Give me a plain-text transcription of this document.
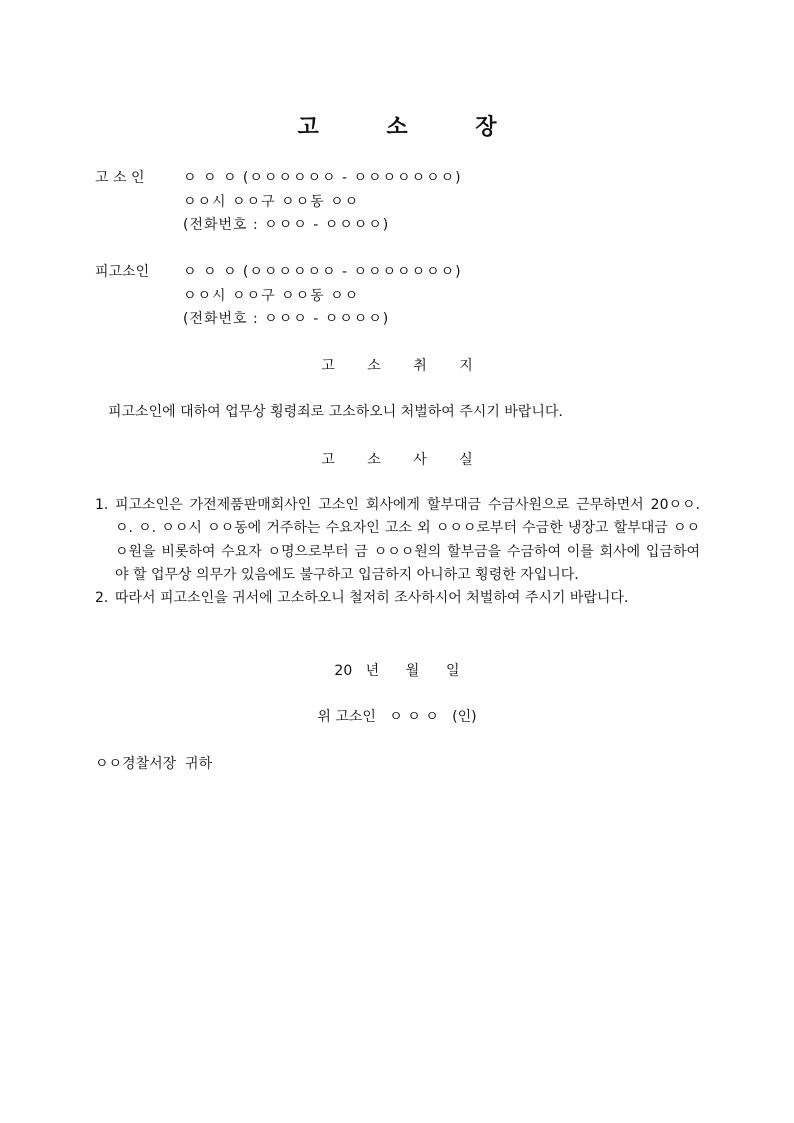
고 소 장
고 소 인	ㅇ ㅇ ㅇ (ㅇㅇㅇㅇㅇㅇ - ㅇㅇㅇㅇㅇㅇㅇ)
ㅇㅇ시 ㅇㅇ구 ㅇㅇ동 ㅇㅇ
(전화번호 : ㅇㅇㅇ - ㅇㅇㅇㅇ)
피고소인 ㅇ ㅇ ㅇ (ㅇㅇㅇㅇㅇㅇ - ㅇㅇㅇㅇㅇㅇㅇ)
ㅇㅇ시 ㅇㅇ구 ㅇㅇ동 ㅇㅇ
(전화번호 : ㅇㅇㅇ - ㅇㅇㅇㅇ)
고 소 취 지
피고소인에 대하여 업무상 횡령죄로 고소하오니 처벌하여 주시기 바랍니다.
고 소 사 실
1. 피고소인은 가전제품판매회사인 고소인 회사에게 할부대금 수금사원으로 근무하면서 20ㅇㅇ. ㅇ. ㅇ. ㅇㅇ시 ㅇㅇ동에 거주하는 수요자인 고소 외 ㅇㅇㅇ로부터 수금한 냉장고 할부대금 ㅇㅇㅇ원을 비롯하여 수요자 ㅇ명으로부터 금 ㅇㅇㅇ원의 할부금을 수금하여 이를 회사에 입금하여야 할 업무상 의무가 있음에도 불구하고 입금하지 아니하고 횡령한 자입니다.
2. 따라서 피고소인을 귀서에 고소하오니 철저히 조사하시어 처벌하여 주시기 바랍니다.
20   년      월      일
위 고소인   ㅇ ㅇ ㅇ   (인)
ㅇㅇ경찰서장  귀하
